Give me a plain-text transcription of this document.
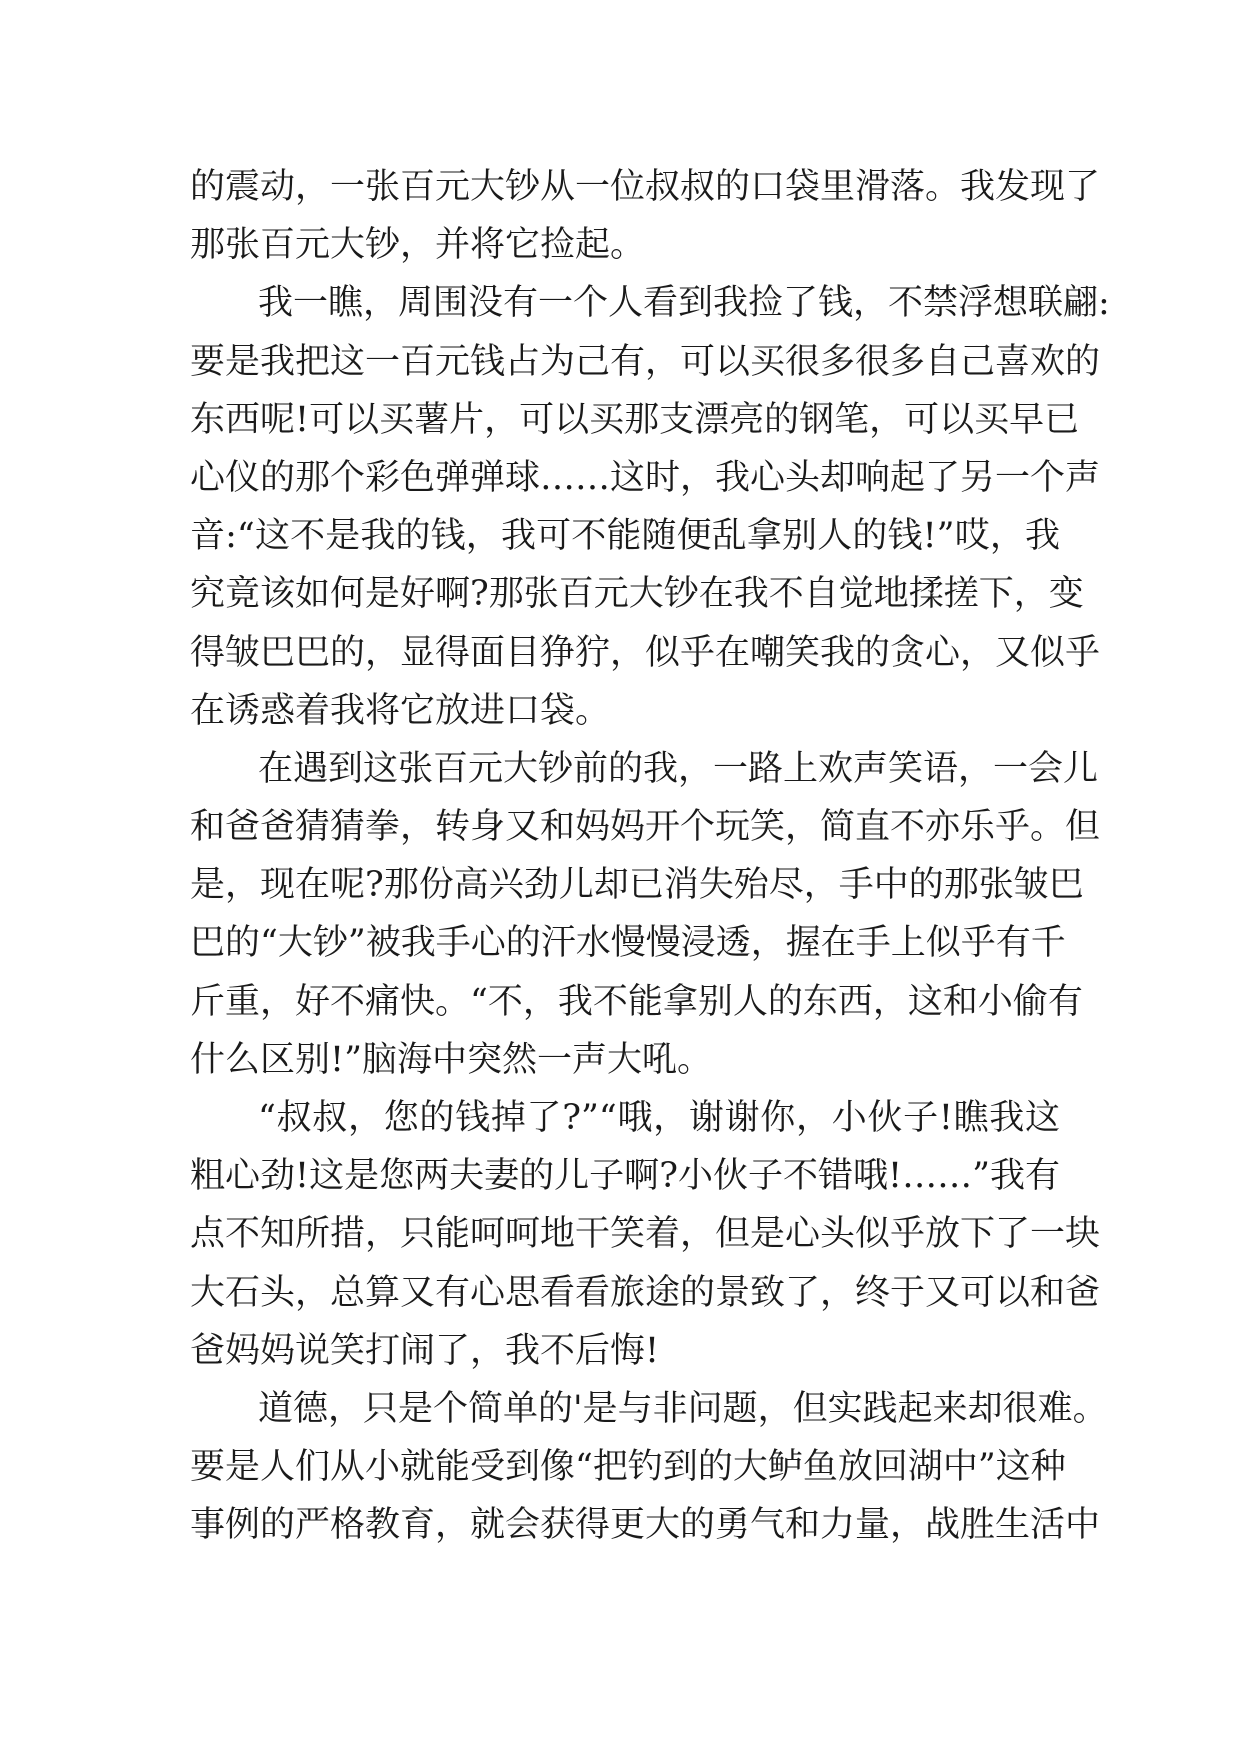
的震动，一张百元大钞从一位叔叔的口袋里滑落。我发现了
那张百元大钞，并将它捡起。
我一瞧，周围没有一个人看到我捡了钱，不禁浮想联翩:
要是我把这一百元钱占为己有，可以买很多很多自己喜欢的
东西呢!可以买薯片，可以买那支漂亮的钢笔，可以买早已
心仪的那个彩色弹弹球……这时，我心头却响起了另一个声
音:“这不是我的钱，我可不能随便乱拿别人的钱!”哎，我
究竟该如何是好啊?那张百元大钞在我不自觉地揉搓下，变
得皱巴巴的，显得面目狰狞，似乎在嘲笑我的贪心，又似乎
在诱惑着我将它放进口袋。
在遇到这张百元大钞前的我，一路上欢声笑语，一会儿
和爸爸猜猜拳，转身又和妈妈开个玩笑，简直不亦乐乎。但
是，现在呢?那份高兴劲儿却已消失殆尽，手中的那张皱巴
巴的“大钞”被我手心的汗水慢慢浸透，握在手上似乎有千
斤重，好不痛快。“不，我不能拿别人的东西，这和小偷有
什么区别!”脑海中突然一声大吼。
“叔叔，您的钱掉了?”“哦，谢谢你，小伙子!瞧我这
粗心劲!这是您两夫妻的儿子啊?小伙子不错哦!……”我有
点不知所措，只能呵呵地干笑着，但是心头似乎放下了一块
大石头，总算又有心思看看旅途的景致了，终于又可以和爸
爸妈妈说笑打闹了，我不后悔!
道德，只是个简单的'是与非问题，但实践起来却很难。
要是人们从小就能受到像“把钓到的大鲈鱼放回湖中”这种
事例的严格教育，就会获得更大的勇气和力量，战胜生活中
